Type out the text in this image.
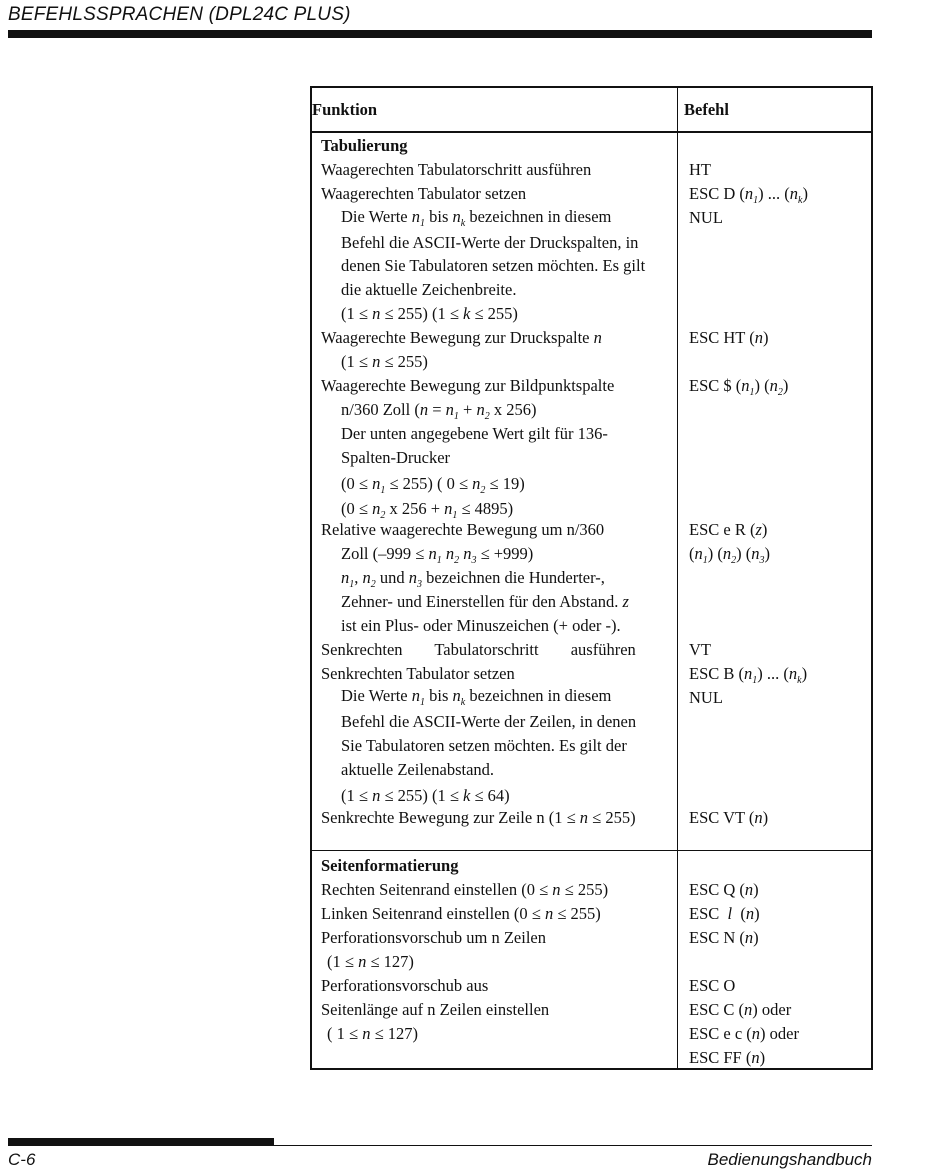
BEFEHLSSPRACHEN (DPL24C PLUS)
Funktion	Befehl
Tabulierung
Waagerechten Tabulatorschritt ausführen
Waagerechten Tabulator setzen
Die Werte $n_1$ bis $n_k$ bezeichnen in diesem
Befehl die ASCII-Werte der Druckspalten, in
denen Sie Tabulatoren setzen möchten. Es gilt
die aktuelle Zeichenbreite.
(1 ≤ n ≤ 255) (1 ≤ k ≤ 255)
Waagerechte Bewegung zur Druckspalte n
(1 ≤ n ≤ 255)
Waagerechte Bewegung zur Bildpunktspalte
n/360 Zoll ($n = n_1 + n_2$ x 256)
Der unten angegebene Wert gilt für 136-
Spalten-Drucker
$(0 \le n_1 \le 255)$ ( $0 \le n_2 \le 19$)
($0 \le n_2$ x $256 + n_1 \le 4895$)
Relative waagerechte Bewegung um n/360
Zoll ($-999 \le n_1$ $n_2$ $n_3 \le +999$)
$n_1$, $n_2$ und $n_3$ bezeichnen die Hunderter-,
Zehner- und Einerstellen für den Abstand. z
ist ein Plus- oder Minuszeichen (+ oder -).
Senkrechten Tabulatorschritt ausführen
Senkrechten Tabulator setzen
Die Werte $n_1$ bis $n_k$ bezeichnen in diesem
Befehl die ASCII-Werte der Zeilen, in denen
Sie Tabulatoren setzen möchten. Es gilt der
aktuelle Zeilenabstand.
(1 ≤ n ≤ 255) (1 ≤ k ≤ 64)
Senkrechte Bewegung zur Zeile n (1 ≤ n ≤ 255)
HT
ESC D $(n_1)$ ... $(n_k)$
NUL
ESC HT (n)
ESC $ $(n_1)$ $(n_2)$
ESC e R (z)
$(n_1)$ $(n_2)$ $(n_3)$
VT
ESC B $(n_1)$ ... $(n_k)$
NUL
ESC VT (n)
Seitenformatierung
Rechten Seitenrand einstellen (0 ≤ n ≤ 255)
Linken Seitenrand einstellen (0 ≤ n ≤ 255)
Perforationsvorschub um n Zeilen
(1 ≤ n ≤ 127)
Perforationsvorschub aus
Seitenlänge auf n Zeilen einstellen
( 1 ≤ n ≤ 127)
ESC Q (n)
ESC  l  (n)
ESC N (n)
ESC O
ESC C (n) oder
ESC e c (n) oder
ESC FF (n)
C-6	Bedienungshandbuch
